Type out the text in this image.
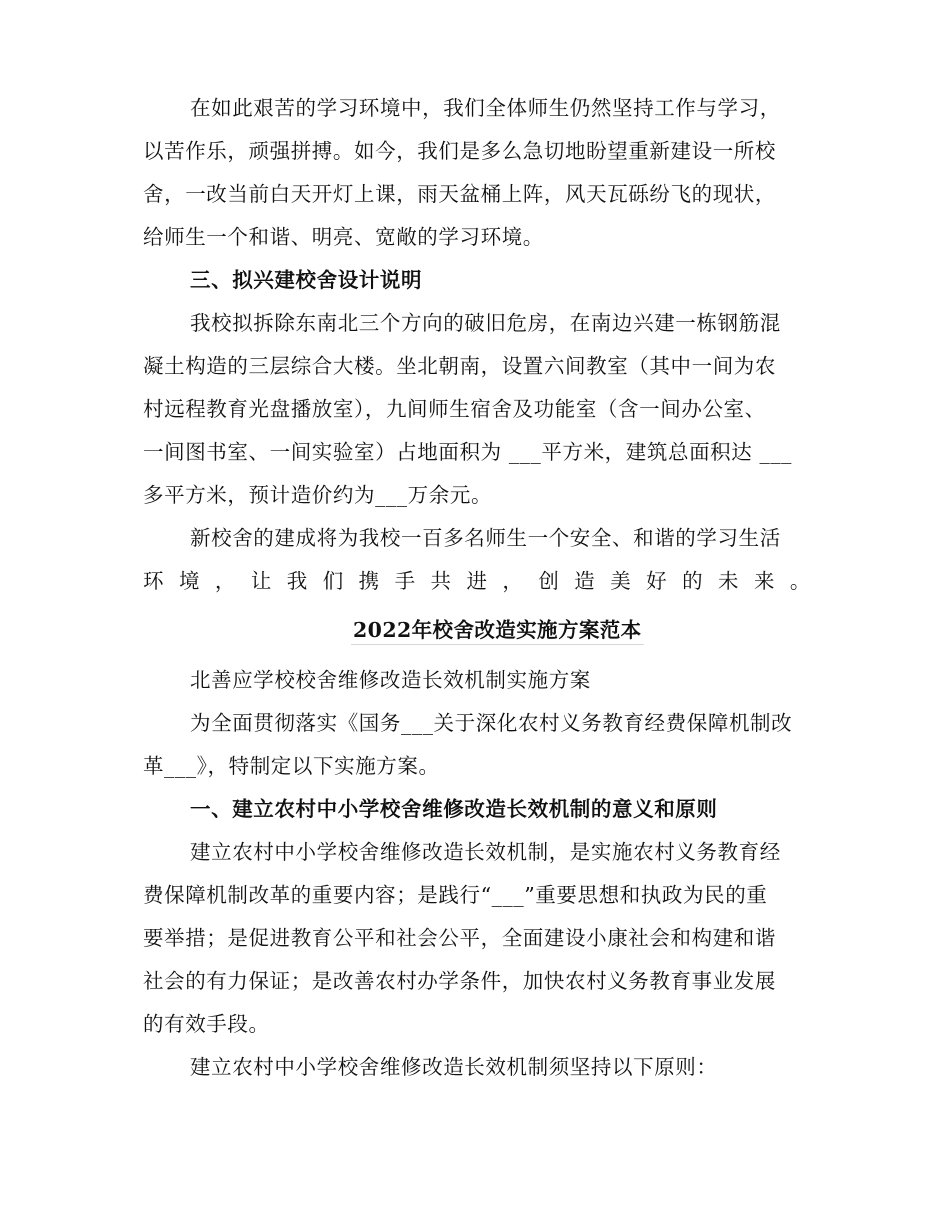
在如此艰苦的学习环境中，我们全体师生仍然坚持工作与学习，
以苦作乐，顽强拼搏。如今，我们是多么急切地盼望重新建设一所校
舍，一改当前白天开灯上课，雨天盆桶上阵，风天瓦砾纷飞的现状，
给师生一个和谐、明亮、宽敞的学习环境。
三、拟兴建校舍设计说明
我校拟拆除东南北三个方向的破旧危房，在南边兴建一栋钢筋混
凝土构造的三层综合大楼。坐北朝南，设置六间教室（其中一间为农
村远程教育光盘播放室），九间师生宿舍及功能室（含一间办公室、
一间图书室、一间实验室）占地面积为 ___平方米，建筑总面积达 ___
多平方米，预计造价约为___万余元。
新校舍的建成将为我校一百多名师生一个安全、和谐的学习生活
环 境 ， 让 我 们 携 手 共 进 ， 创 造 美 好 的 未 来 。
2022年校舍改造实施方案范本
北善应学校校舍维修改造长效机制实施方案
为全面贯彻落实《国务___关于深化农村义务教育经费保障机制改
革___》，特制定以下实施方案。
一、建立农村中小学校舍维修改造长效机制的意义和原则
建立农村中小学校舍维修改造长效机制，是实施农村义务教育经
费保障机制改革的重要内容；是践行“___”重要思想和执政为民的重
要举措；是促进教育公平和社会公平，全面建设小康社会和构建和谐
社会的有力保证；是改善农村办学条件，加快农村义务教育事业发展
的有效手段。
建立农村中小学校舍维修改造长效机制须坚持以下原则：
